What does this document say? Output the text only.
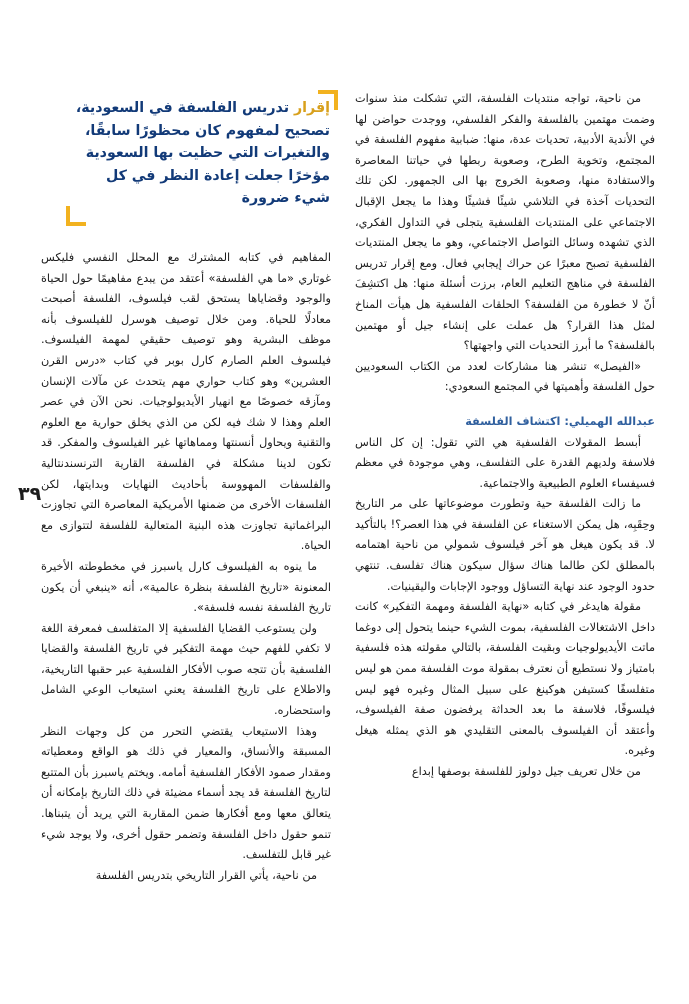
إقرار تدريس الفلسفة في السعودية، تصحيح لمفهوم كان محظورًا سابقًا، والتغيرات التي حظيت بها السعودية مؤخرًا جعلت إعادة النظر في كل شيء ضرورة

من ناحية، تواجه منتديات الفلسفة، التي تشكلت منذ سنوات وضمت مهتمين بالفلسفة والفكر الفلسفي، ووجدت حواضن لها في الأندية الأدبية، تحديات عدة، منها: ضبابية مفهوم الفلسفة في المجتمع، وتخوية الطرح، وصعوبة ربطها في حياتنا المعاصرة والاستفادة منها، وصعوبة الخروج بها الى الجمهور. لكن تلك التحديات آخذة في التلاشي شيئًا فشيئًا وهذا ما يجعل الإقبال الاجتماعي على المنتديات الفلسفية يتجلى في التداول الفكري، الذي تشهده وسائل التواصل الاجتماعي، وهو ما يجعل المنتديات الفلسفية تصبح معبرًا عن حراك إيجابي فعال. ومع إقرار تدريس الفلسفة في مناهج التعليم العام، برزت أسئلة منها: هل اكتشِفَ أنّ لا خطورة من الفلسفة؟ الحلقات الفلسفية هل هيأت المناخ لمثل هذا القرار؟ هل عملت على إنشاء جيل أو مهتمين بالفلسفة؟ ما أبرز التحديات التي واجهتها؟

«الفيصل» تنشر هنا مشاركات لعدد من الكتاب السعوديين حول الفلسفة وأهميتها في المجتمع السعودي:

عبدالله الهميلي: اكتشاف الفلسفة

أبسط المقولات الفلسفية هي التي تقول: إن كل الناس فلاسفة ولديهم القدرة على التفلسف، وهي موجودة في معظم فسيفساء العلوم الطبيعية والاجتماعية.

ما زالت الفلسفة حية وتطورت موضوعاتها على مر التاريخ وحِقَبِه، هل يمكن الاستغناء عن الفلسفة في هذا العصر؟! بالتأكيد لا. قد يكون هيغل هو آخر فيلسوف شمولي من ناحية اهتمامه بالمطلق لكن طالما هناك سؤال سيكون هناك تفلسف. تنتهي حدود الوجود عند نهاية التساؤل ووجود الإجابات واليقينيات.

مقولة هايدغر في كتابه «نهاية الفلسفة ومهمة التفكير» كانت داخل الاشتغالات الفلسفية، بموت الشيء حينما يتحول إلى دوغما ماتت الأيديولوجيات وبقيت الفلسفة، بالتالي مقولته هذه فلسفية بامتياز ولا نستطيع أن نعترف بمقولة موت الفلسفة ممن هو ليس متفلسفًا كستيفن هوكينغ على سبيل المثال وغيره فهو ليس فيلسوفًا، فلاسفة ما بعد الحداثة يرفضون صفة الفيلسوف، وأعتقد أن الفيلسوف بالمعنى التقليدي هو الذي يمثله هيغل وغيره.

من خلال تعريف جيل دولوز للفلسفة بوصفها إبداع

المفاهيم في كتابه المشترك مع المحلل النفسي فليكس غوتاري «ما هي الفلسفة» أعتقد من يبدع مفاهيمًا حول الحياة والوجود وقضاياها يستحق لقب فيلسوف، الفلسفة أصبحت معادلًا للحياة. ومن خلال توصيف هوسرل للفيلسوف بأنه موظف البشرية وهو توصيف حقيقي لمهمة الفيلسوف. فيلسوف العلم الصارم كارل بوبر في كتاب «درس القرن العشرين» وهو كتاب حواري مهم يتحدث عن مآلات الإنسان ومآزقه خصوصًا مع انهيار الأيديولوجيات. نحن الآن في عصر العلم وهذا لا شك فيه لكن من الذي يخلق حوارية مع العلوم والتقنية ويحاول أنسنتها ومماهاتها غير الفيلسوف والمفكر. قد تكون لدينا مشكلة في الفلسفة القارية الترنسندنتالية والفلسفات المهووسة بأحاديث النهايات وبدايتها، لكن الفلسفات الأخرى من ضمنها الأمريكية المعاصرة التي تجاوزت البراغماتية تجاوزت هذه البنية المتعالية للفلسفة لتتوازى مع الحياة.

ما ينوه به الفيلسوف كارل ياسبرز في مخطوطته الأخيرة المعنونة «تاريخ الفلسفة بنظرة عالمية»، أنه «ينبغي أن يكون تاريخ الفلسفة نفسه فلسفة».

ولن يستوعب القضايا الفلسفية إلا المتفلسف فمعرفة اللغة لا تكفي للفهم حيث مهمة التفكير في تاريخ الفلسفة والقضايا الفلسفية بأن تتجه صوب الأفكار الفلسفية عبر حقبها التاريخية، والاطلاع على تاريخ الفلسفة يعني استيعاب الوعي الشامل واستحضاره.

وهذا الاستيعاب يقتضي التحرر من كل وجهات النظر المسبقة والأنساق، والمعيار في ذلك هو الواقع ومعطياته ومقدار صمود الأفكار الفلسفية أمامه. ويختم ياسبرز بأن المتتبع لتاريخ الفلسفة قد يجد أسماء مضيئة في ذلك التاريخ بإمكانه أن يتعالق معها ومع أفكارها ضمن المقاربة التي يريد أن يتبناها. تنمو حقول داخل الفلسفة وتضمر حقول أخرى، ولا يوجد شيء غير قابل للتفلسف.

من ناحية، يأتي القرار التاريخي بتدريس الفلسفة

٣٩
